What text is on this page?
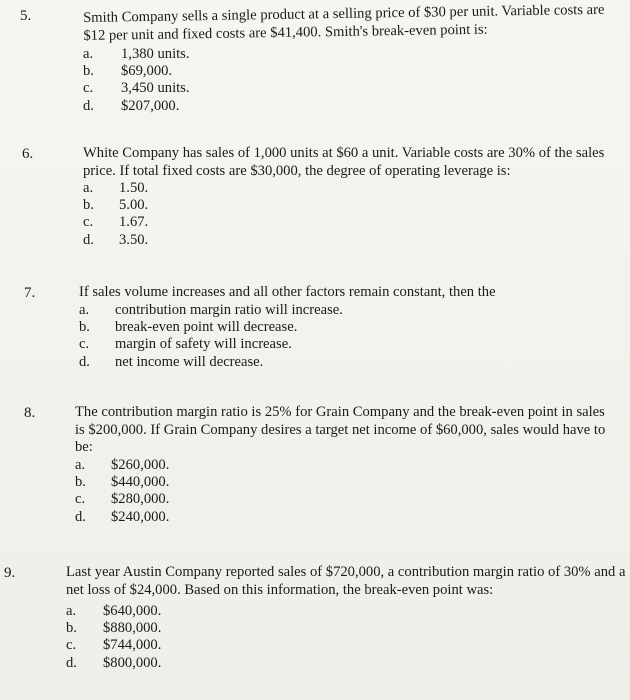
5.	Smith Company sells a single product at a selling price of $30 per unit. Variable costs are $12 per unit and fixed costs are $41,400. Smith's break-even point is:
a.	1,380 units.
b.	$69,000.
c.	3,450 units.
d.	$207,000.
6.	White Company has sales of 1,000 units at $60 a unit. Variable costs are 30% of the sales price. If total fixed costs are $30,000, the degree of operating leverage is:
a.	1.50.
b.	5.00.
c.	1.67.
d.	3.50.
7.	If sales volume increases and all other factors remain constant, then the
a.	contribution margin ratio will increase.
b.	break-even point will decrease.
c.	margin of safety will increase.
d.	net income will decrease.
8.	The contribution margin ratio is 25% for Grain Company and the break-even point in sales is $200,000. If Grain Company desires a target net income of $60,000, sales would have to be:
a.	$260,000.
b.	$440,000.
c.	$280,000.
d.	$240,000.
9.	Last year Austin Company reported sales of $720,000, a contribution margin ratio of 30% and a net loss of $24,000. Based on this information, the break-even point was:
a.	$640,000.
b.	$880,000.
c.	$744,000.
d.	$800,000.
